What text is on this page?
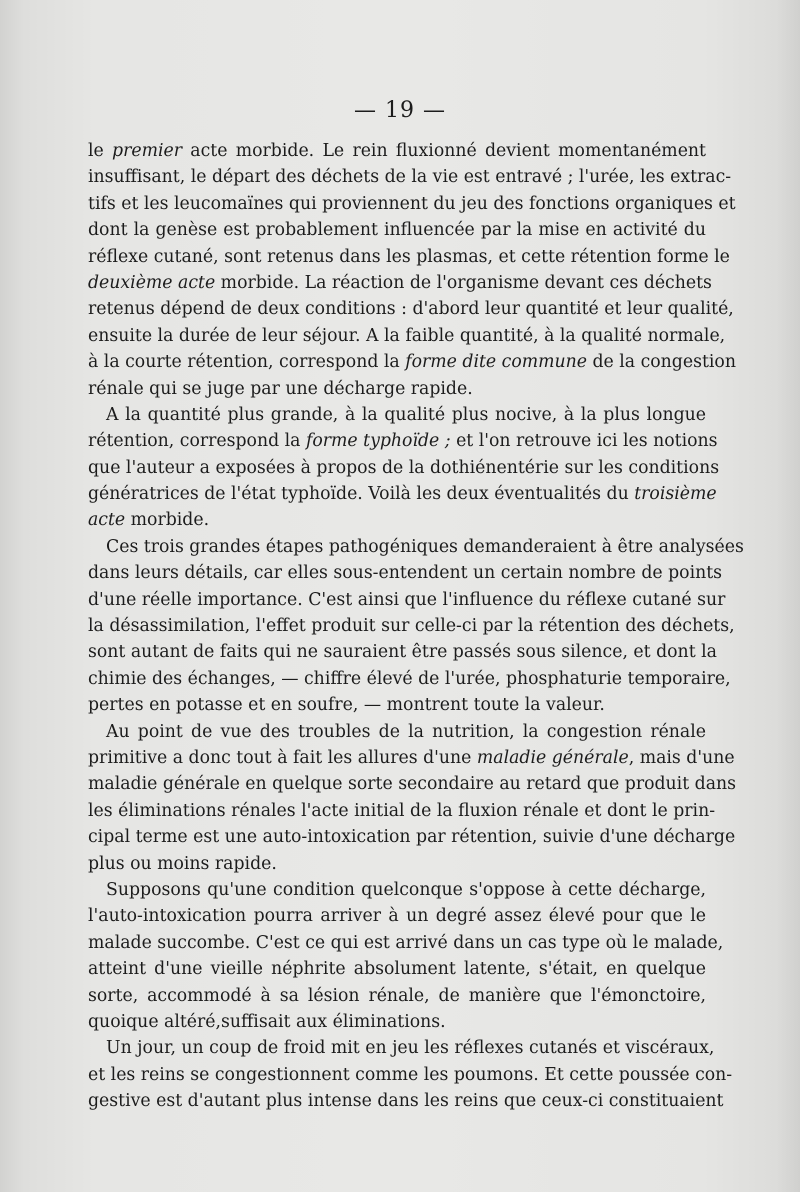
— 19 —
le premier acte morbide. Le rein fluxionné devient momentanément
insuffisant, le départ des déchets de la vie est entravé ; l'urée, les extrac-
tifs et les leucomaïnes qui proviennent du jeu des fonctions organiques et
dont la genèse est probablement influencée par la mise en activité du
réflexe cutané, sont retenus dans les plasmas, et cette rétention forme le
deuxième acte morbide. La réaction de l'organisme devant ces déchets
retenus dépend de deux conditions : d'abord leur quantité et leur qualité,
ensuite la durée de leur séjour. A la faible quantité, à la qualité normale,
à la courte rétention, correspond la forme dite commune de la congestion
rénale qui se juge par une décharge rapide.
A la quantité plus grande, à la qualité plus nocive, à la plus longue
rétention, correspond la forme typhoïde ; et l'on retrouve ici les notions
que l'auteur a exposées à propos de la dothiénentérie sur les conditions
génératrices de l'état typhoïde. Voilà les deux éventualités du troisième
acte morbide.
Ces trois grandes étapes pathogéniques demanderaient à être analysées
dans leurs détails, car elles sous-entendent un certain nombre de points
d'une réelle importance. C'est ainsi que l'influence du réflexe cutané sur
la désassimilation, l'effet produit sur celle-ci par la rétention des déchets,
sont autant de faits qui ne sauraient être passés sous silence, et dont la
chimie des échanges, — chiffre élevé de l'urée, phosphaturie temporaire,
pertes en potasse et en soufre, — montrent toute la valeur.
Au point de vue des troubles de la nutrition, la congestion rénale
primitive a donc tout à fait les allures d'une maladie générale, mais d'une
maladie générale en quelque sorte secondaire au retard que produit dans
les éliminations rénales l'acte initial de la fluxion rénale et dont le prin-
cipal terme est une auto-intoxication par rétention, suivie d'une décharge
plus ou moins rapide.
Supposons qu'une condition quelconque s'oppose à cette décharge,
l'auto-intoxication pourra arriver à un degré assez élevé pour que le
malade succombe. C'est ce qui est arrivé dans un cas type où le malade,
atteint d'une vieille néphrite absolument latente, s'était, en quelque
sorte, accommodé à sa lésion rénale, de manière que l'émonctoire,
quoique altéré,suffisait aux éliminations.
Un jour, un coup de froid mit en jeu les réflexes cutanés et viscéraux,
et les reins se congestionnent comme les poumons. Et cette poussée con-
gestive est d'autant plus intense dans les reins que ceux-ci constituaient
